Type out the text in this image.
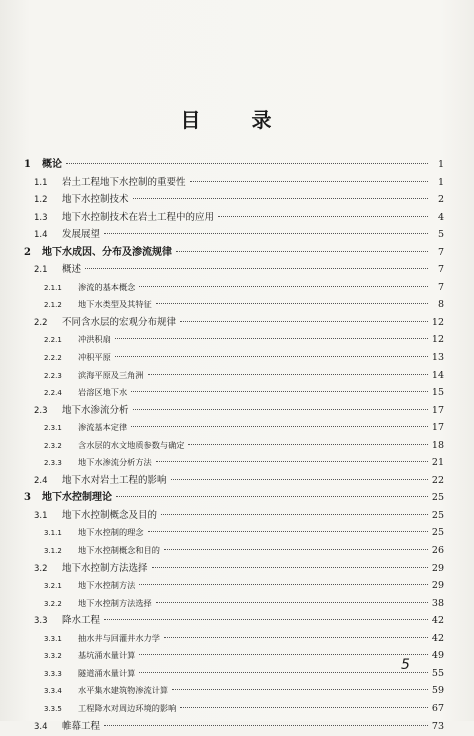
目 录
1	概论	1
1.1	岩土工程地下水控制的重要性	1
1.2	地下水控制技术	2
1.3	地下水控制技术在岩土工程中的应用	4
1.4	发展展望	5
2	地下水成因、分布及渗流规律	7
2.1	概述	7
2.1.1	渗流的基本概念	7
2.1.2	地下水类型及其特征	8
2.2	不同含水层的宏观分布规律	12
2.2.1	冲洪积扇	12
2.2.2	冲积平原	13
2.2.3	滨海平原及三角洲	14
2.2.4	岩溶区地下水	15
2.3	地下水渗流分析	17
2.3.1	渗流基本定律	17
2.3.2	含水层的水文地质参数与确定	18
2.3.3	地下水渗流分析方法	21
2.4	地下水对岩土工程的影响	22
3	地下水控制理论	25
3.1	地下水控制概念及目的	25
3.1.1	地下水控制的理念	25
3.1.2	地下水控制概念和目的	26
3.2	地下水控制方法选择	29
3.2.1	地下水控制方法	29
3.2.2	地下水控制方法选择	38
3.3	降水工程	42
3.3.1	抽水井与回灌井水力学	42
3.3.2	基坑涌水量计算	49
3.3.3	隧道涌水量计算	55
3.3.4	水平集水建筑物渗流计算	59
3.3.5	工程降水对周边环境的影响	67
3.4	帷幕工程	73
5
